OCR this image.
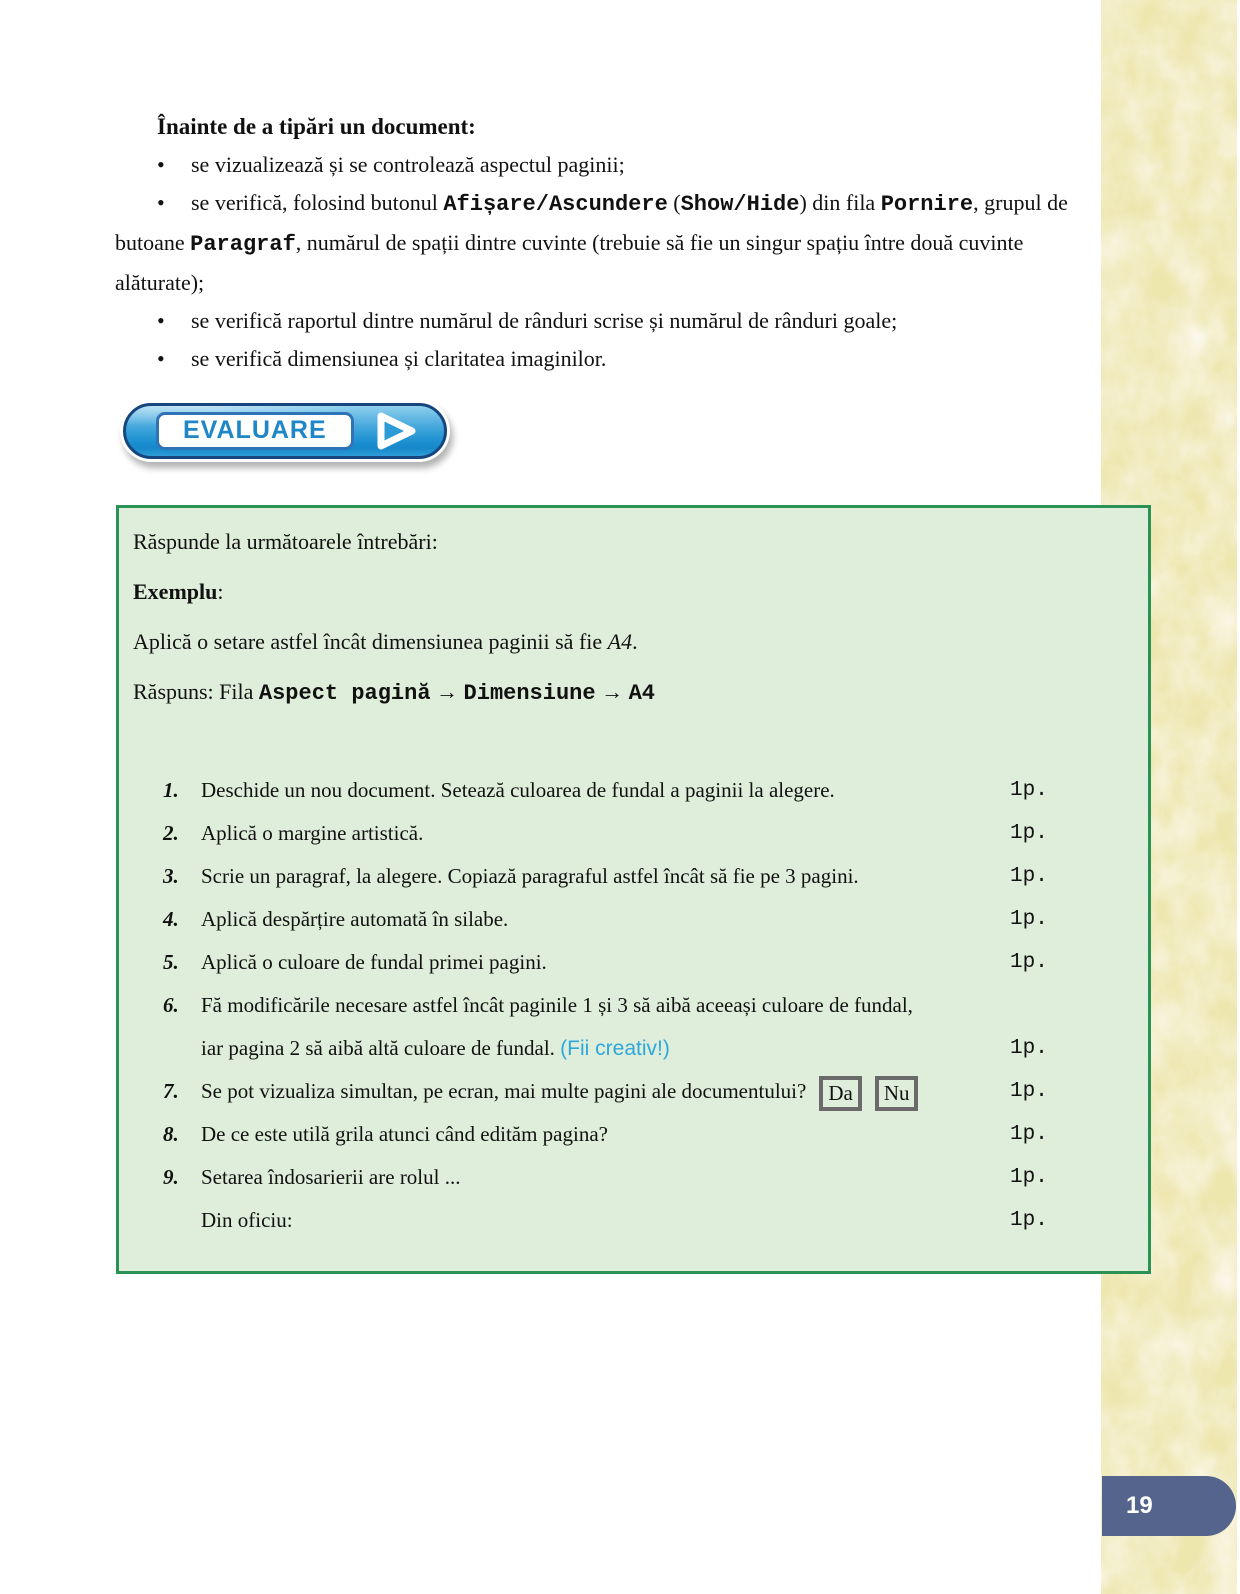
19

Înainte de a tipări un document:

• se vizualizează și se controlează aspectul paginii;

• se verifică, folosind butonul Afișare/Ascundere (Show/Hide) din fila Pornire, grupul de butoane Paragraf, numărul de spații dintre cuvinte (trebuie să fie un singur spațiu între două cuvinte alăturate);

• se verifică raportul dintre numărul de rânduri scrise și numărul de rânduri goale;

• se verifică dimensiunea și claritatea imaginilor.

EVALUARE

Răspunde la următoarele întrebări:

Exemplu:

Aplică o setare astfel încât dimensiunea paginii să fie A4.

Răspuns: Fila Aspect pagină → Dimensiune → A4

1.	Deschide un nou document. Setează culoarea de fundal a paginii la alegere.	1p.
2.	Aplică o margine artistică.	1p.
3.	Scrie un paragraf, la alegere. Copiază paragraful astfel încât să fie pe 3 pagini.	1p.
4.	Aplică despărțire automată în silabe.	1p.
5.	Aplică o culoare de fundal primei pagini.	1p.
6.	Fă modificările necesare astfel încât paginile 1 și 3 să aibă aceeași culoare de fundal,
iar pagina 2 să aibă altă culoare de fundal. (Fii creativ!)	1p.
7.	Se pot vizualiza simultan, pe ecran, mai multe pagini ale documentului? Da Nu	1p.
8.	De ce este utilă grila atunci când edităm pagina?	1p.
9.	Setarea îndosarierii are rolul ...	1p.
Din oficiu:	1p.
